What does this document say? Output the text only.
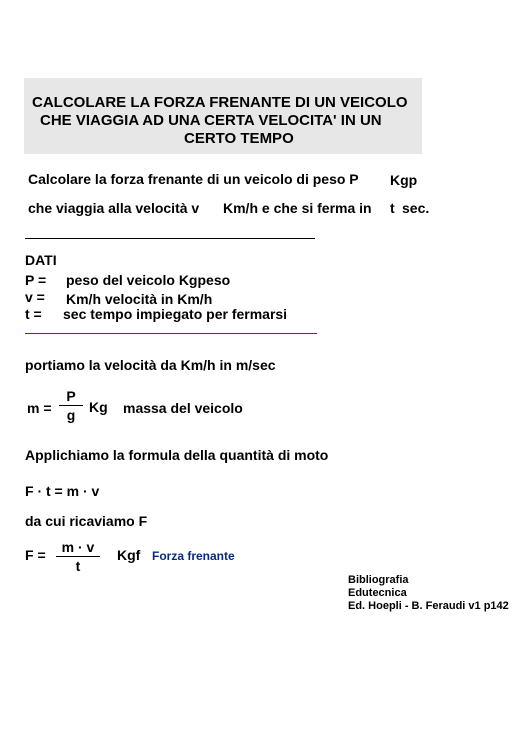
CALCOLARE LA FORZA FRENANTE DI UN VEICOLO
CHE VIAGGIA AD UNA CERTA VELOCITA' IN UN
CERTO TEMPO
Calcolare la forza frenante di un veicolo di peso P Kgp
che viaggia alla velocità v Km/h e che si ferma in t sec.
DATI
P = peso del veicolo Kgpeso
v = Km/h velocità in Km/h
t = sec tempo impiegato per fermarsi
portiamo la velocità da Km/h in m/sec
m =
P
g Kg massa del veicolo
Applichiamo la formula della quantità di moto
F · t = m · v
da cui ricaviamo F
F =	m · v
t
Kgf Forza frenante
Bibliografia
Edutecnica
Ed. Hoepli - B. Feraudi v1 p142
